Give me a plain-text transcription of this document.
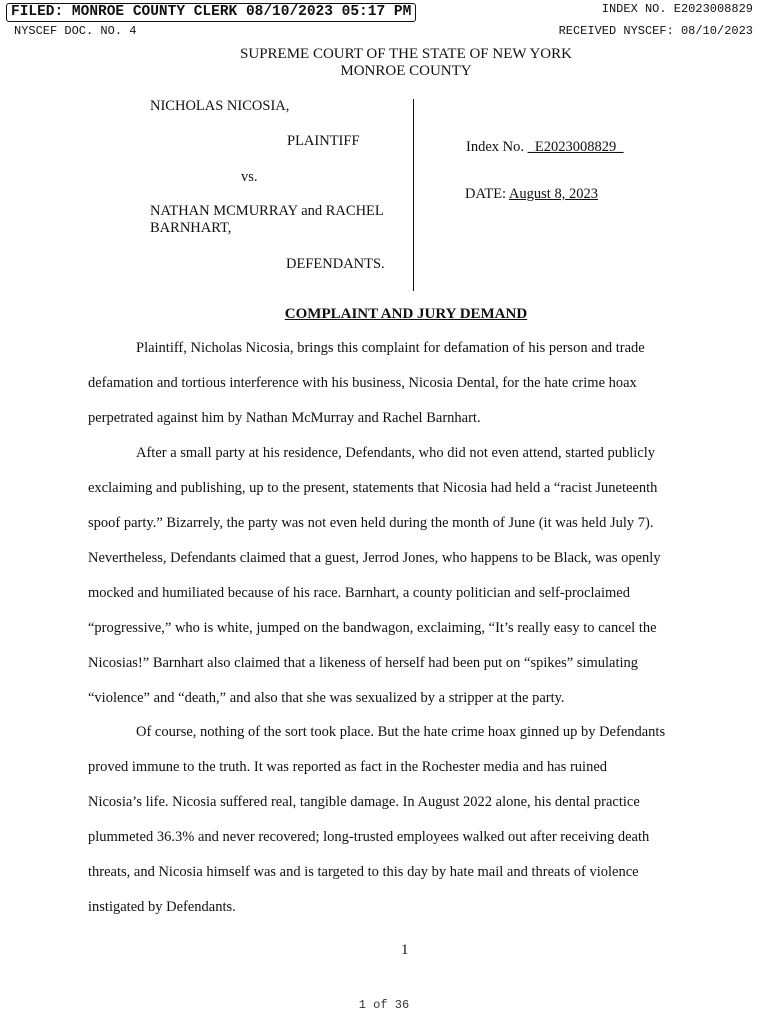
FILED: MONROE COUNTY CLERK 08/10/2023 05:17 PM	INDEX NO. E2023008829
NYSCEF DOC. NO. 4	RECEIVED NYSCEF: 08/10/2023
SUPREME COURT OF THE STATE OF NEW YORK
MONROE COUNTY
NICHOLAS NICOSIA,
PLAINTIFF
vs.
NATHAN MCMURRAY and RACHEL
BARNHART,
DEFENDANTS.
Index No. _E2023008829_
DATE: August 8, 2023
COMPLAINT AND JURY DEMAND
Plaintiff, Nicholas Nicosia, brings this complaint for defamation of his person and trade
defamation and tortious interference with his business, Nicosia Dental, for the hate crime hoax
perpetrated against him by Nathan McMurray and Rachel Barnhart.
After a small party at his residence, Defendants, who did not even attend, started publicly
exclaiming and publishing, up to the present, statements that Nicosia had held a “racist Juneteenth
spoof party.” Bizarrely, the party was not even held during the month of June (it was held July 7).
Nevertheless, Defendants claimed that a guest, Jerrod Jones, who happens to be Black, was openly
mocked and humiliated because of his race. Barnhart, a county politician and self-proclaimed
“progressive,” who is white, jumped on the bandwagon, exclaiming, “It’s really easy to cancel the
Nicosias!” Barnhart also claimed that a likeness of herself had been put on “spikes” simulating
“violence” and “death,” and also that she was sexualized by a stripper at the party.
Of course, nothing of the sort took place. But the hate crime hoax ginned up by Defendants
proved immune to the truth. It was reported as fact in the Rochester media and has ruined
Nicosia’s life. Nicosia suffered real, tangible damage. In August 2022 alone, his dental practice
plummeted 36.3% and never recovered; long-trusted employees walked out after receiving death
threats, and Nicosia himself was and is targeted to this day by hate mail and threats of violence
instigated by Defendants.
1
1 of 36
